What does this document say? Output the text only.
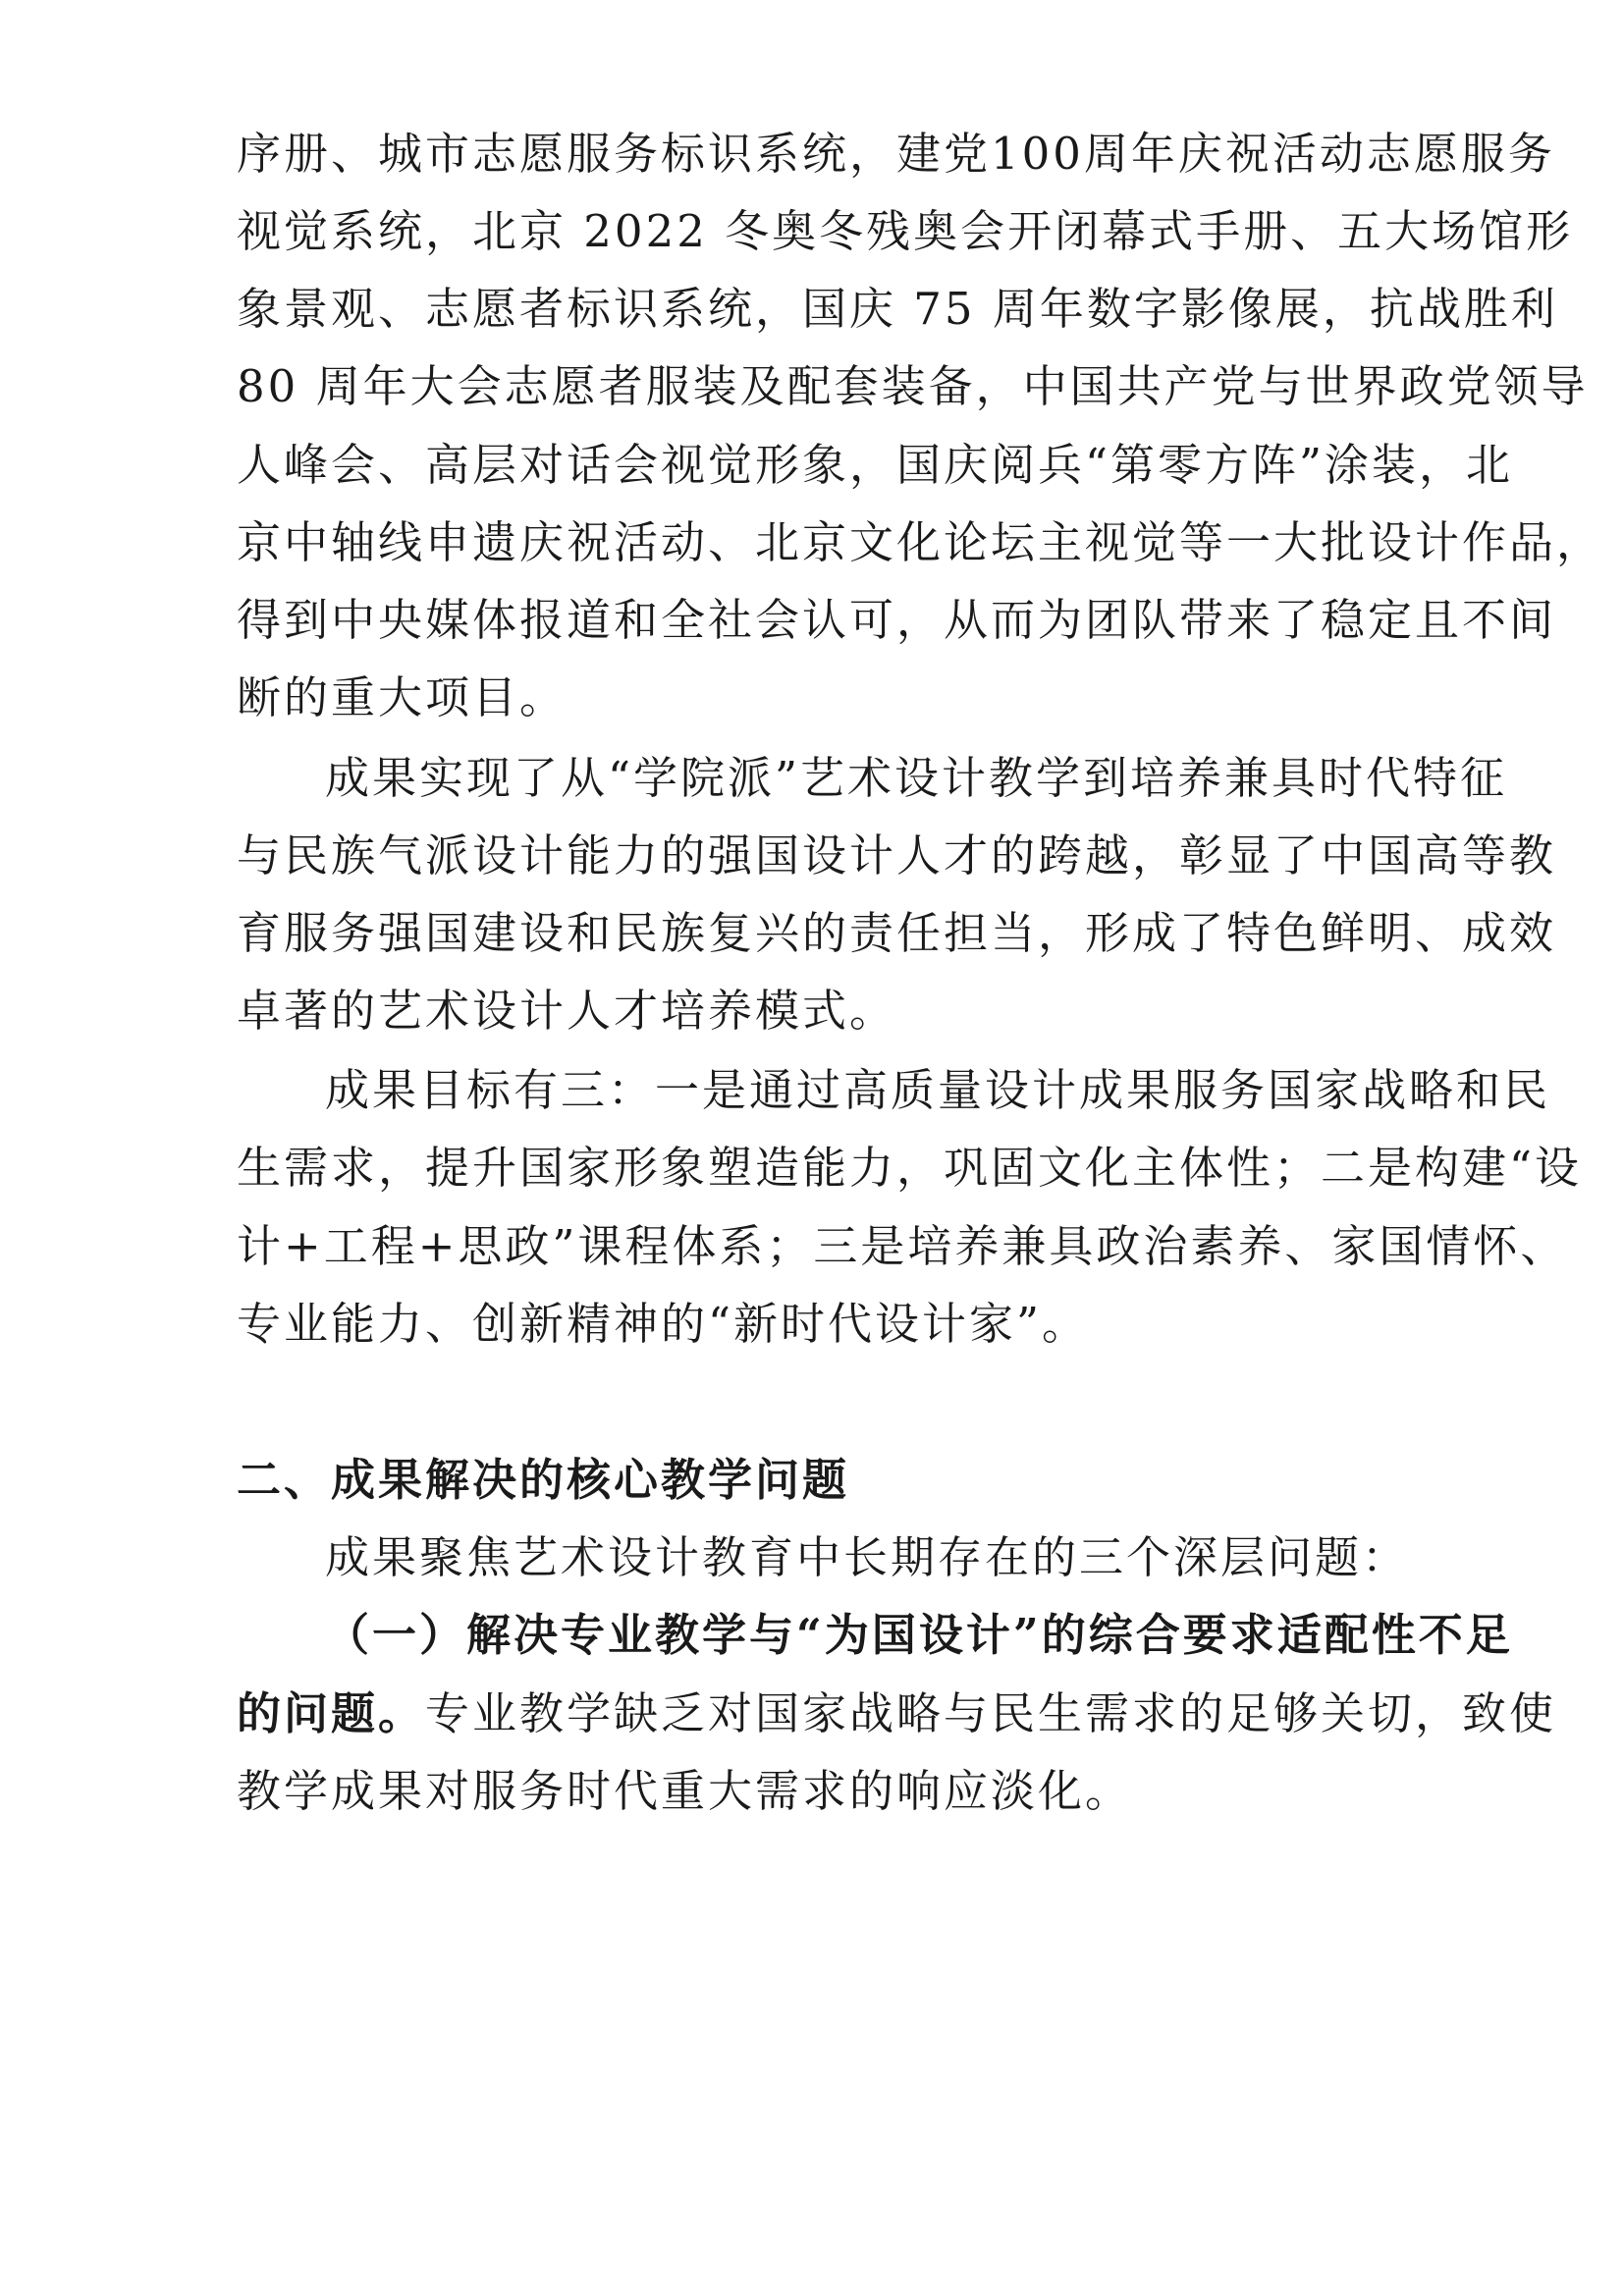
序册、城市志愿服务标识系统，建党100周年庆祝活动志愿服务
视觉系统，北京 2022 冬奥冬残奥会开闭幕式手册、五大场馆形
象景观、志愿者标识系统，国庆 75 周年数字影像展，抗战胜利
80 周年大会志愿者服装及配套装备，中国共产党与世界政党领导
人峰会、高层对话会视觉形象，国庆阅兵“第零方阵”涂装，北
京中轴线申遗庆祝活动、北京文化论坛主视觉等一大批设计作品，
得到中央媒体报道和全社会认可，从而为团队带来了稳定且不间
断的重大项目。
成果实现了从“学院派”艺术设计教学到培养兼具时代特征
与民族气派设计能力的强国设计人才的跨越，彰显了中国高等教
育服务强国建设和民族复兴的责任担当，形成了特色鲜明、成效
卓著的艺术设计人才培养模式。
成果目标有三：一是通过高质量设计成果服务国家战略和民
生需求，提升国家形象塑造能力，巩固文化主体性；二是构建“设
计+工程+思政”课程体系；三是培养兼具政治素养、家国情怀、
专业能力、创新精神的“新时代设计家”。
二、成果解决的核心教学问题
成果聚焦艺术设计教育中长期存在的三个深层问题：
（一）解决专业教学与“为国设计”的综合要求适配性不足
的问题。专业教学缺乏对国家战略与民生需求的足够关切，致使
教学成果对服务时代重大需求的响应淡化。
